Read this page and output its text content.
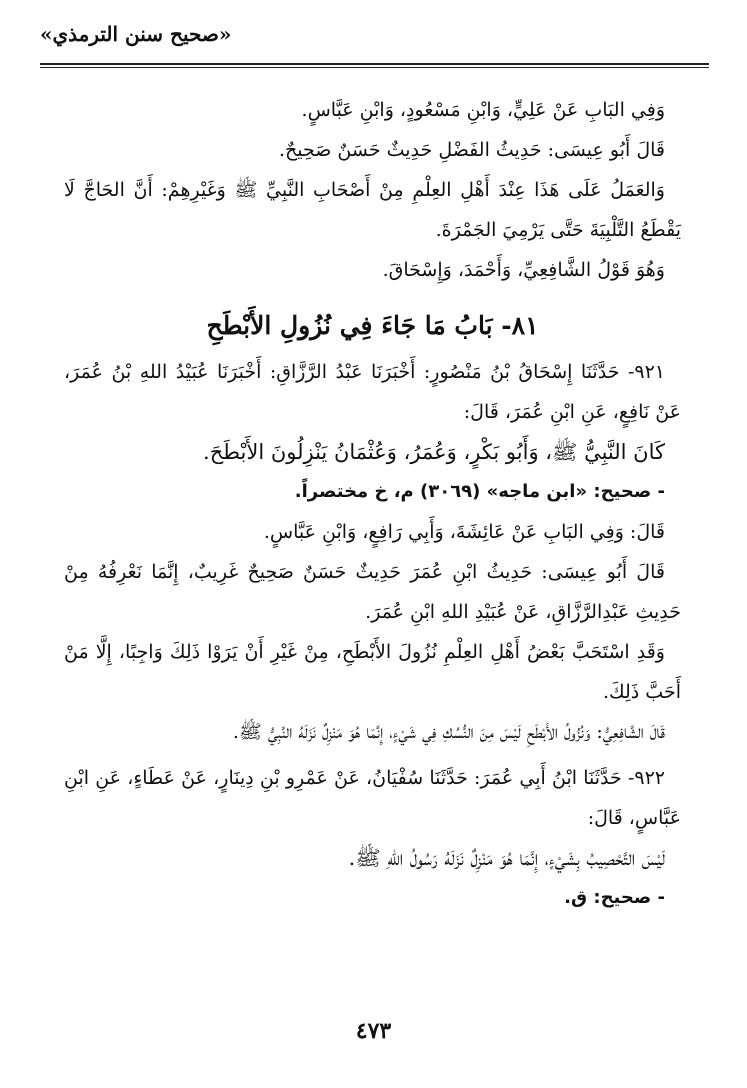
«صحيح سنن الترمذي»

وَفِي البَابِ عَنْ عَلِيٍّ، وَابْنِ مَسْعُودٍ، وَابْنِ عَبَّاسٍ.

قَالَ أَبُو عِيسَى: حَدِيثُ الفَضْلِ حَدِيثٌ حَسَنٌ صَحِيحٌ.

وَالعَمَلُ عَلَى هَذَا عِنْدَ أَهْلِ العِلْمِ مِنْ أَصْحَابِ النَّبِيِّ ﷺ وَغَيْرِهِمْ: أَنَّ الحَاجَّ لَا يَقْطَعُ التَّلْبِيَةَ حَتَّى يَرْمِيَ الجَمْرَةَ.

وَهُوَ قَوْلُ الشَّافِعِيِّ، وَأَحْمَدَ، وَإِسْحَاقَ.

٨١- بَابُ مَا جَاءَ فِي نُزُولِ الأَبْطَحِ

٩٢١- حَدَّثَنَا إِسْحَاقُ بْنُ مَنْصُورٍ: أَخْبَرَنَا عَبْدُ الرَّزَّاقِ: أَخْبَرَنَا عُبَيْدُ اللهِ بْنُ عُمَرَ، عَنْ نَافِعٍ، عَنِ ابْنِ عُمَرَ، قَالَ:

كَانَ النَّبِيُّ ﷺ، وَأَبُو بَكْرٍ، وَعُمَرُ، وَعُثْمَانُ يَنْزِلُونَ الأَبْطَحَ.

- صحيح: «ابن ماجه» (٣٠٦٩) م، خ مختصراً.

قَالَ: وَفِي البَابِ عَنْ عَائِشَةَ، وَأَبِي رَافِعٍ، وَابْنِ عَبَّاسٍ.

قَالَ أَبُو عِيسَى: حَدِيثُ ابْنِ عُمَرَ حَدِيثٌ حَسَنٌ صَحِيحٌ غَرِيبٌ، إِنَّمَا نَعْرِفُهُ مِنْ حَدِيثِ عَبْدِالرَّزَّاقِ، عَنْ عُبَيْدِ اللهِ ابْنِ عُمَرَ.

وَقَدِ اسْتَحَبَّ بَعْضُ أَهْلِ العِلْمِ نُزُولَ الأَبْطَحِ، مِنْ غَيْرِ أَنْ يَرَوْا ذَلِكَ وَاجِبًا، إِلَّا مَنْ أَحَبَّ ذَلِكَ.

قَالَ الشَّافِعِيُّ: وَنُزُولُ الأَبْطَحِ لَيْسَ مِنَ النُّسُكِ فِي شَيْءٍ، إِنَّمَا هُوَ مَنْزِلٌ نَزَلَهُ النَّبِيُّ ﷺ.

٩٢٢- حَدَّثَنَا ابْنُ أَبِي عُمَرَ: حَدَّثَنَا سُفْيَانُ، عَنْ عَمْرِو بْنِ دِينَارٍ، عَنْ عَطَاءٍ، عَنِ ابْنِ عَبَّاسٍ، قَالَ:

لَيْسَ التَّحْصِيبُ بِشَيْءٍ، إِنَّمَا هُوَ مَنْزِلٌ نَزَلَهُ رَسُولُ اللهِ ﷺ.

- صحيح: ق.

٤٧٣
